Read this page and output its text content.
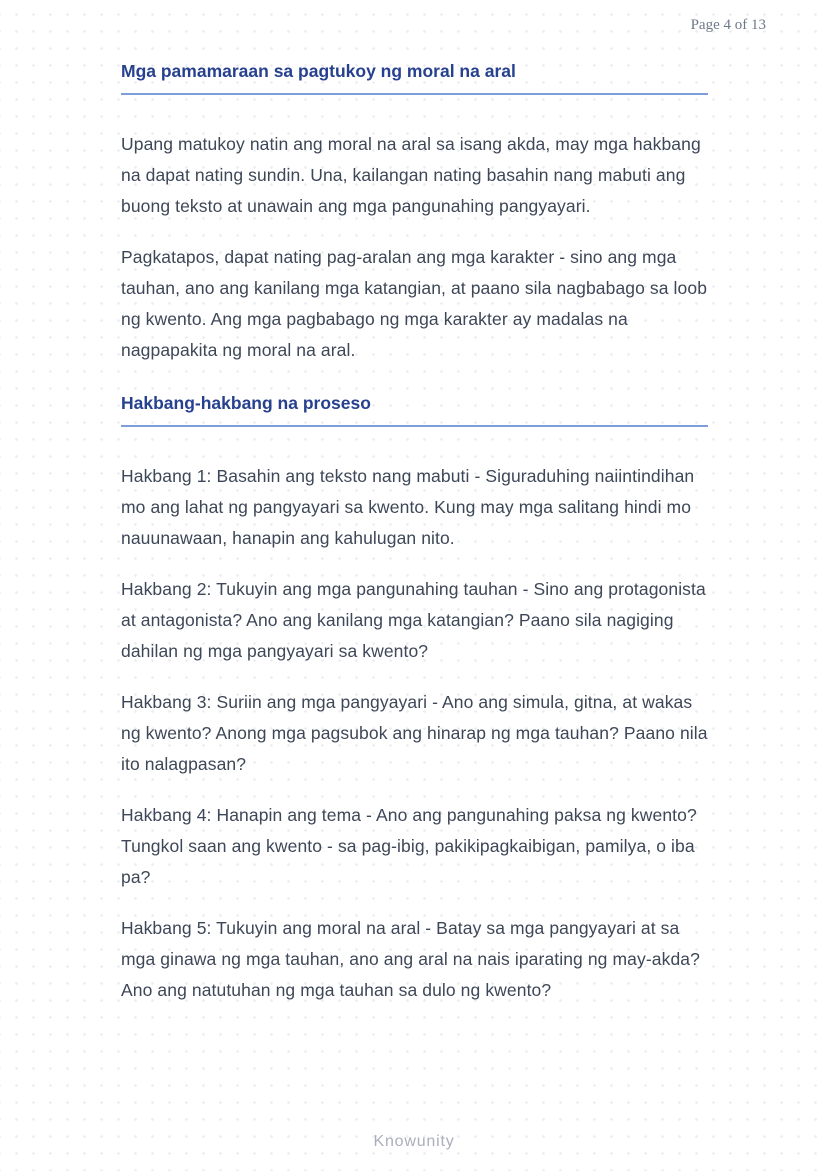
Page 4 of 13
Mga pamamaraan sa pagtukoy ng moral na aral

Upang matukoy natin ang moral na aral sa isang akda, may mga hakbang na dapat nating sundin. Una, kailangan nating basahin nang mabuti ang buong teksto at unawain ang mga pangunahing pangyayari.

Pagkatapos, dapat nating pag-aralan ang mga karakter - sino ang mga tauhan, ano ang kanilang mga katangian, at paano sila nagbabago sa loob ng kwento. Ang mga pagbabago ng mga karakter ay madalas na nagpapakita ng moral na aral.

Hakbang-hakbang na proseso

Hakbang 1: Basahin ang teksto nang mabuti - Siguraduhing naiintindihan mo ang lahat ng pangyayari sa kwento. Kung may mga salitang hindi mo nauunawaan, hanapin ang kahulugan nito.

Hakbang 2: Tukuyin ang mga pangunahing tauhan - Sino ang protagonista at antagonista? Ano ang kanilang mga katangian? Paano sila nagiging dahilan ng mga pangyayari sa kwento?

Hakbang 3: Suriin ang mga pangyayari - Ano ang simula, gitna, at wakas ng kwento? Anong mga pagsubok ang hinarap ng mga tauhan? Paano nila ito nalagpasan?

Hakbang 4: Hanapin ang tema - Ano ang pangunahing paksa ng kwento? Tungkol saan ang kwento - sa pag-ibig, pakikipagkaibigan, pamilya, o iba pa?

Hakbang 5: Tukuyin ang moral na aral - Batay sa mga pangyayari at sa mga ginawa ng mga tauhan, ano ang aral na nais iparating ng may-akda? Ano ang natutuhan ng mga tauhan sa dulo ng kwento?

Knowunity
